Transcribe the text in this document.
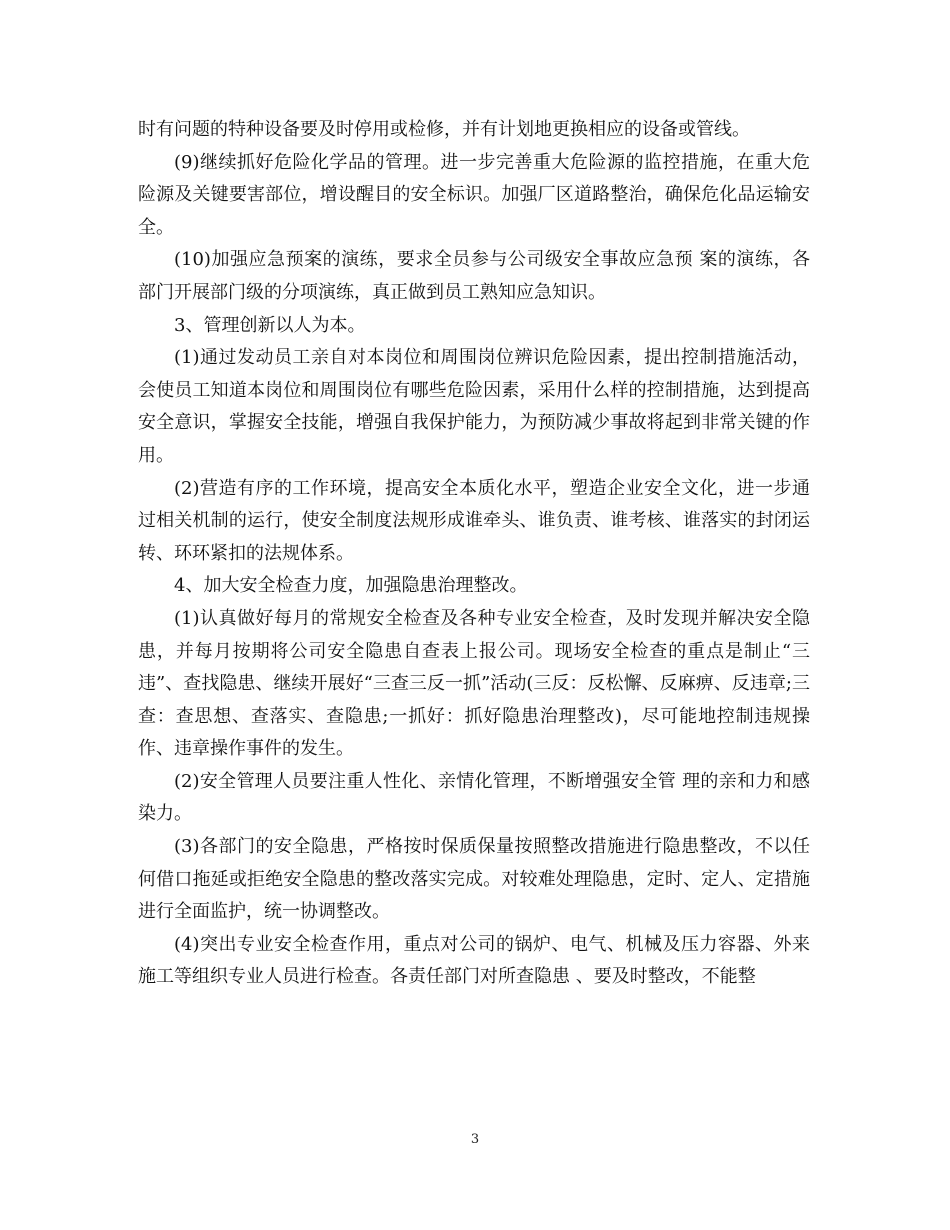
时有问题的特种设备要及时停用或检修，并有计划地更换相应的设备或管线。

(9)继续抓好危险化学品的管理。进一步完善重大危险源的监控措施，在重大危险源及关键要害部位，增设醒目的安全标识。加强厂区道路整治，确保危化品运输安全。

(10)加强应急预案的演练，要求全员参与公司级安全事故应急预 案的演练，各部门开展部门级的分项演练，真正做到员工熟知应急知识。

3、管理创新以人为本。

(1)通过发动员工亲自对本岗位和周围岗位辨识危险因素，提出控制措施活动，会使员工知道本岗位和周围岗位有哪些危险因素，采用什么样的控制措施，达到提高安全意识，掌握安全技能，增强自我保护能力，为预防减少事故将起到非常关键的作用。

(2)营造有序的工作环境，提高安全本质化水平，塑造企业安全文化，进一步通过相关机制的运行，使安全制度法规形成谁牵头、谁负责、谁考核、谁落实的封闭运转、环环紧扣的法规体系。

4、加大安全检查力度，加强隐患治理整改。

(1)认真做好每月的常规安全检查及各种专业安全检查，及时发现并解决安全隐患，并每月按期将公司安全隐患自查表上报公司。现场安全检查的重点是制止“三违”、查找隐患、继续开展好“三查三反一抓”活动(三反：反松懈、反麻痹、反违章;三查：查思想、查落实、查隐患;一抓好：抓好隐患治理整改)，尽可能地控制违规操作、违章操作事件的发生。

(2)安全管理人员要注重人性化、亲情化管理，不断增强安全管 理的亲和力和感染力。

(3)各部门的安全隐患，严格按时保质保量按照整改措施进行隐患整改，不以任何借口拖延或拒绝安全隐患的整改落实完成。对较难处理隐患，定时、定人、定措施进行全面监护，统一协调整改。

(4)突出专业安全检查作用，重点对公司的锅炉、电气、机械及压力容器、外来施工等组织专业人员进行检查。各责任部门对所查隐患 、要及时整改，不能整

3
